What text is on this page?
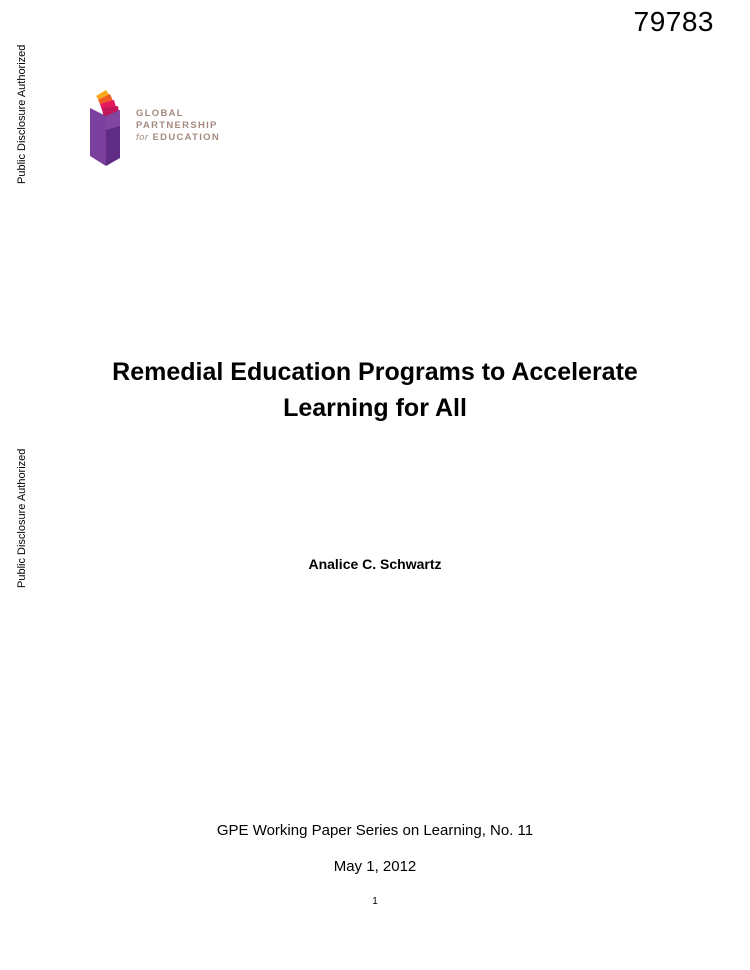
79783
Public Disclosure Authorized
Public Disclosure Authorized
GLOBAL
PARTNERSHIP
for EDUCATION
Remedial Education Programs to Accelerate
Learning for All
Analice C. Schwartz
GPE Working Paper Series on Learning, No. 11
May 1, 2012
1
